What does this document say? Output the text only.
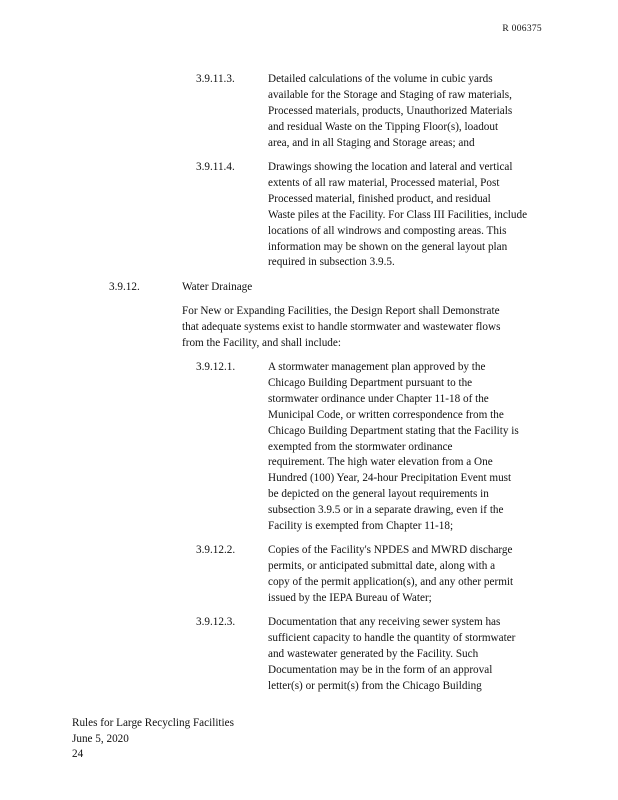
R 006375
3.9.11.3.	Detailed calculations of the volume in cubic yards
available for the Storage and Staging of raw materials,
Processed materials, products, Unauthorized Materials
and residual Waste on the Tipping Floor(s), loadout
area, and in all Staging and Storage areas; and
3.9.11.4.	Drawings showing the location and lateral and vertical
extents of all raw material, Processed material, Post
Processed material, finished product, and residual
Waste piles at the Facility. For Class III Facilities, include
locations of all windrows and composting areas. This
information may be shown on the general layout plan
required in subsection 3.9.5.
3.9.12.	Water Drainage
For New or Expanding Facilities, the Design Report shall Demonstrate
that adequate systems exist to handle stormwater and wastewater flows
from the Facility, and shall include:
3.9.12.1.	A stormwater management plan approved by the
Chicago Building Department pursuant to the
stormwater ordinance under Chapter 11-18 of the
Municipal Code, or written correspondence from the
Chicago Building Department stating that the Facility is
exempted from the stormwater ordinance
requirement. The high water elevation from a One
Hundred (100) Year, 24-hour Precipitation Event must
be depicted on the general layout requirements in
subsection 3.9.5 or in a separate drawing, even if the
Facility is exempted from Chapter 11-18;
3.9.12.2.	Copies of the Facility's NPDES and MWRD discharge
permits, or anticipated submittal date, along with a
copy of the permit application(s), and any other permit
issued by the IEPA Bureau of Water;
3.9.12.3.	Documentation that any receiving sewer system has
sufficient capacity to handle the quantity of stormwater
and wastewater generated by the Facility. Such
Documentation may be in the form of an approval
letter(s) or permit(s) from the Chicago Building
Rules for Large Recycling Facilities
June 5, 2020
24
